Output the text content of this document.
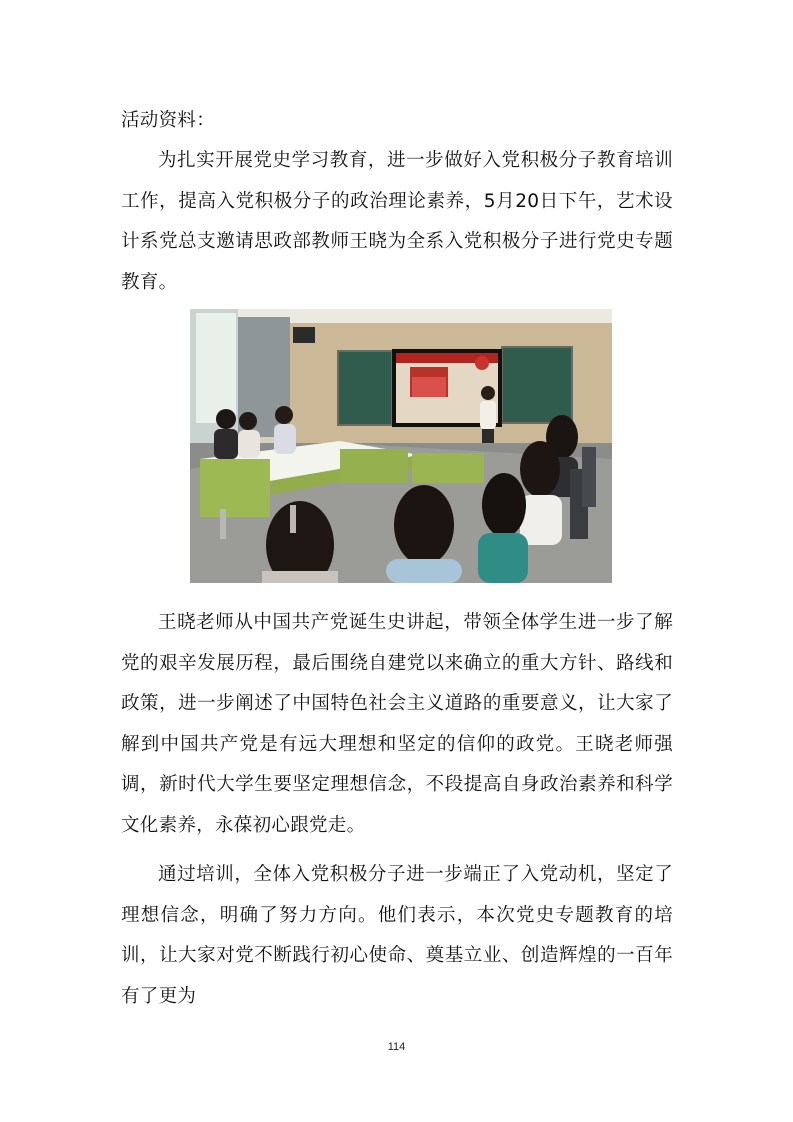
活动资料：

为扎实开展党史学习教育，进一步做好入党积极分子教育培训工作，提高入党积极分子的政治理论素养，5月20日下午，艺术设计系党总支邀请思政部教师王晓为全系入党积极分子进行党史专题教育。

王晓老师从中国共产党诞生史讲起，带领全体学生进一步了解党的艰辛发展历程，最后围绕自建党以来确立的重大方针、路线和政策，进一步阐述了中国特色社会主义道路的重要意义，让大家了解到中国共产党是有远大理想和坚定的信仰的政党。王晓老师强调，新时代大学生要坚定理想信念，不段提高自身政治素养和科学文化素养，永葆初心跟党走。

通过培训，全体入党积极分子进一步端正了入党动机，坚定了理想信念，明确了努力方向。他们表示，本次党史专题教育的培训，让大家对党不断践行初心使命、奠基立业、创造辉煌的一百年有了更为

114
